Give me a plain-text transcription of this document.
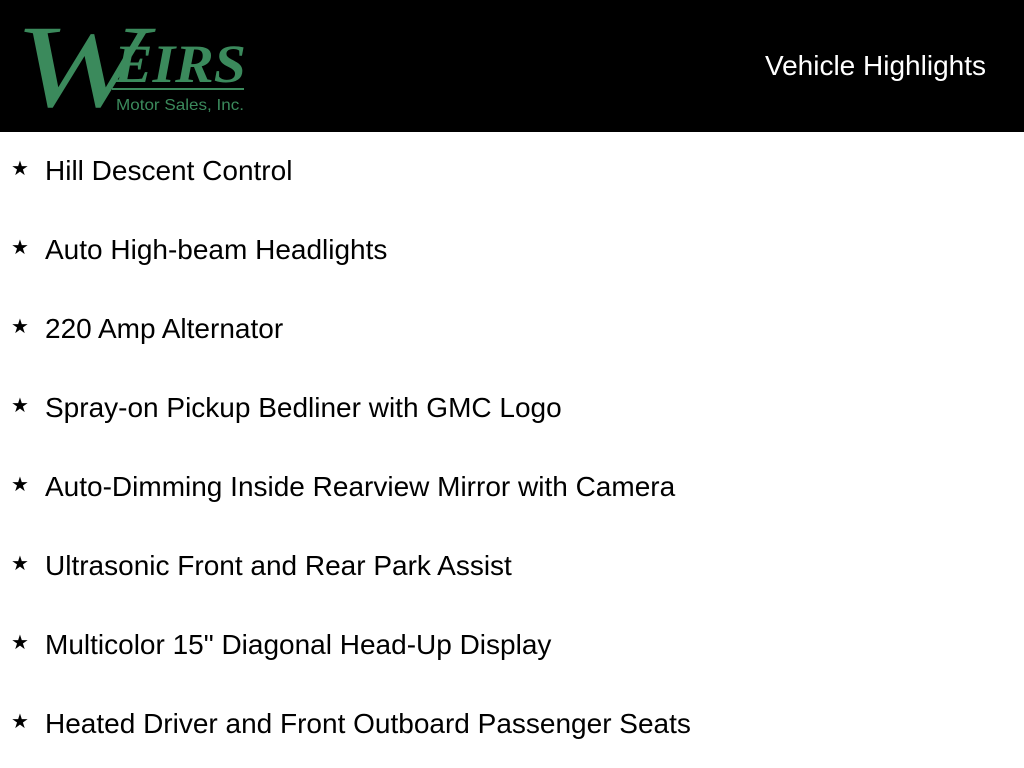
W
EIRS
Motor Sales, Inc.
Vehicle Highlights
★ Hill Descent Control
★ Auto High-beam Headlights
★ 220 Amp Alternator
★ Spray-on Pickup Bedliner with GMC Logo
★ Auto-Dimming Inside Rearview Mirror with Camera
★ Ultrasonic Front and Rear Park Assist
★ Multicolor 15" Diagonal Head-Up Display
★ Heated Driver and Front Outboard Passenger Seats
